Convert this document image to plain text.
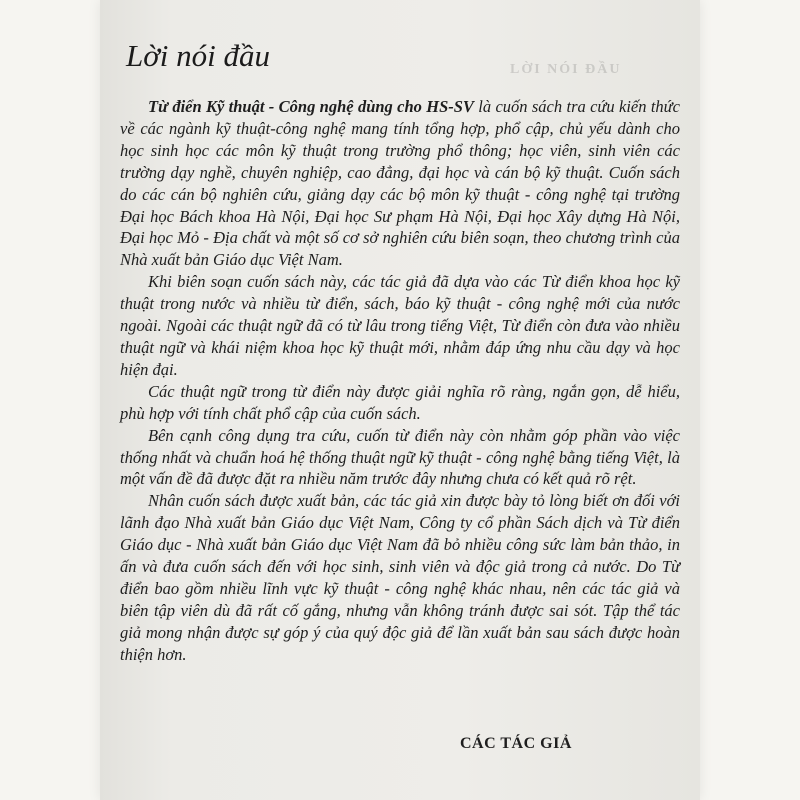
LỜI NÓI ĐẦU
Lời nói đầu

Từ điển Kỹ thuật - Công nghệ dùng cho HS-SV là cuốn sách tra cứu kiến thức về các ngành kỹ thuật-công nghệ mang tính tổng hợp, phổ cập, chủ yếu dành cho học sinh học các môn kỹ thuật trong trường phổ thông; học viên, sinh viên các trường dạy nghề, chuyên nghiệp, cao đẳng, đại học và cán bộ kỹ thuật. Cuốn sách do các cán bộ nghiên cứu, giảng dạy các bộ môn kỹ thuật - công nghệ tại trường Đại học Bách khoa Hà Nội, Đại học Sư phạm Hà Nội, Đại học Xây dựng Hà Nội, Đại học Mỏ - Địa chất và một số cơ sở nghiên cứu biên soạn, theo chương trình của Nhà xuất bản Giáo dục Việt Nam.

Khi biên soạn cuốn sách này, các tác giả đã dựa vào các Từ điển khoa học kỹ thuật trong nước và nhiều từ điển, sách, báo kỹ thuật - công nghệ mới của nước ngoài. Ngoài các thuật ngữ đã có từ lâu trong tiếng Việt, Từ điển còn đưa vào nhiều thuật ngữ và khái niệm khoa học kỹ thuật mới, nhằm đáp ứng nhu cầu dạy và học hiện đại.

Các thuật ngữ trong từ điển này được giải nghĩa rõ ràng, ngắn gọn, dễ hiểu, phù hợp với tính chất phổ cập của cuốn sách.

Bên cạnh công dụng tra cứu, cuốn từ điển này còn nhằm góp phần vào việc thống nhất và chuẩn hoá hệ thống thuật ngữ kỹ thuật - công nghệ bằng tiếng Việt, là một vấn đề đã được đặt ra nhiều năm trước đây nhưng chưa có kết quả rõ rệt.

Nhân cuốn sách được xuất bản, các tác giả xin được bày tỏ lòng biết ơn đối với lãnh đạo Nhà xuất bản Giáo dục Việt Nam, Công ty cổ phần Sách dịch và Từ điển Giáo dục - Nhà xuất bản Giáo dục Việt Nam đã bỏ nhiều công sức làm bản thảo, in ấn và đưa cuốn sách đến với học sinh, sinh viên và độc giả trong cả nước. Do Từ điển bao gồm nhiều lĩnh vực kỹ thuật - công nghệ khác nhau, nên các tác giả và biên tập viên dù đã rất cố gắng, nhưng vẫn không tránh được sai sót. Tập thể tác giả mong nhận được sự góp ý của quý độc giả để lần xuất bản sau sách được hoàn thiện hơn.

CÁC TÁC GIẢ
